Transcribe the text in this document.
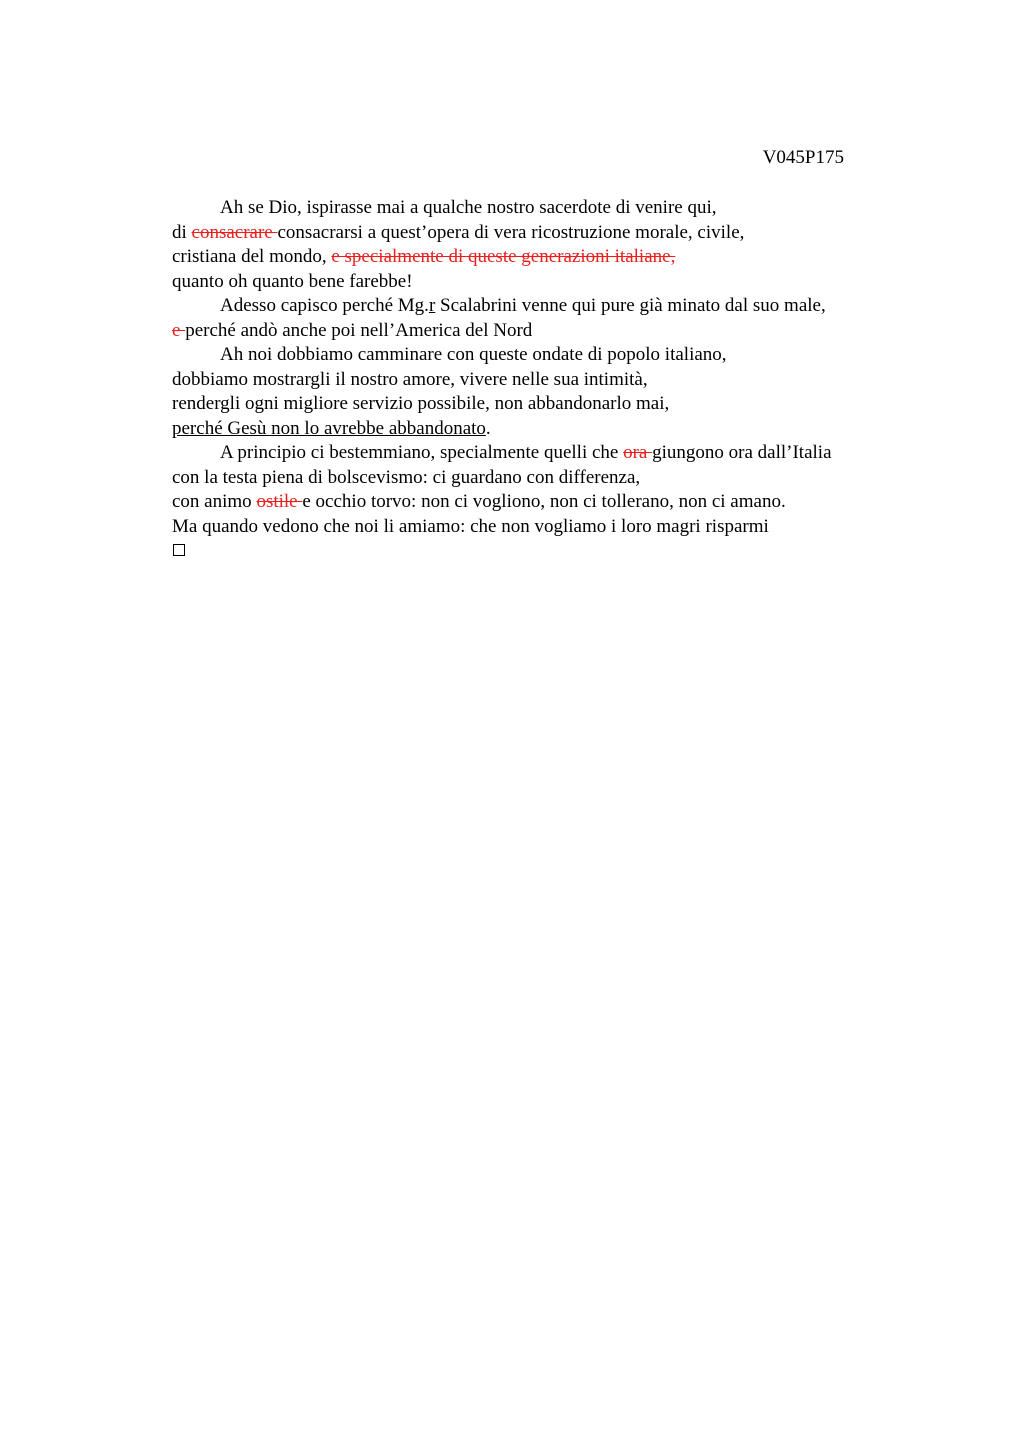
V045P175
Ah se Dio, ispirasse mai a qualche nostro sacerdote di venire qui,
di consacrare consacrarsi a quest’opera di vera ricostruzione morale, civile,
cristiana del mondo, e specialmente di queste generazioni italiane,
quanto oh quanto bene farebbe!
Adesso capisco perché Mg.r Scalabrini venne qui pure già minato dal suo male,
e perché andò anche poi nell’America del Nord
Ah noi dobbiamo camminare con queste ondate di popolo italiano,
dobbiamo mostrargli il nostro amore, vivere nelle sua intimità,
rendergli ogni migliore servizio possibile, non abbandonarlo mai,
perché Gesù non lo avrebbe abbandonato.
A principio ci bestemmiano, specialmente quelli che ora giungono ora dall’Italia
con la testa piena di bolscevismo: ci guardano con differenza,
con animo ostile e occhio torvo: non ci vogliono, non ci tollerano, non ci amano.
Ma quando vedono che noi li amiamo: che non vogliamo i loro magri risparmi
